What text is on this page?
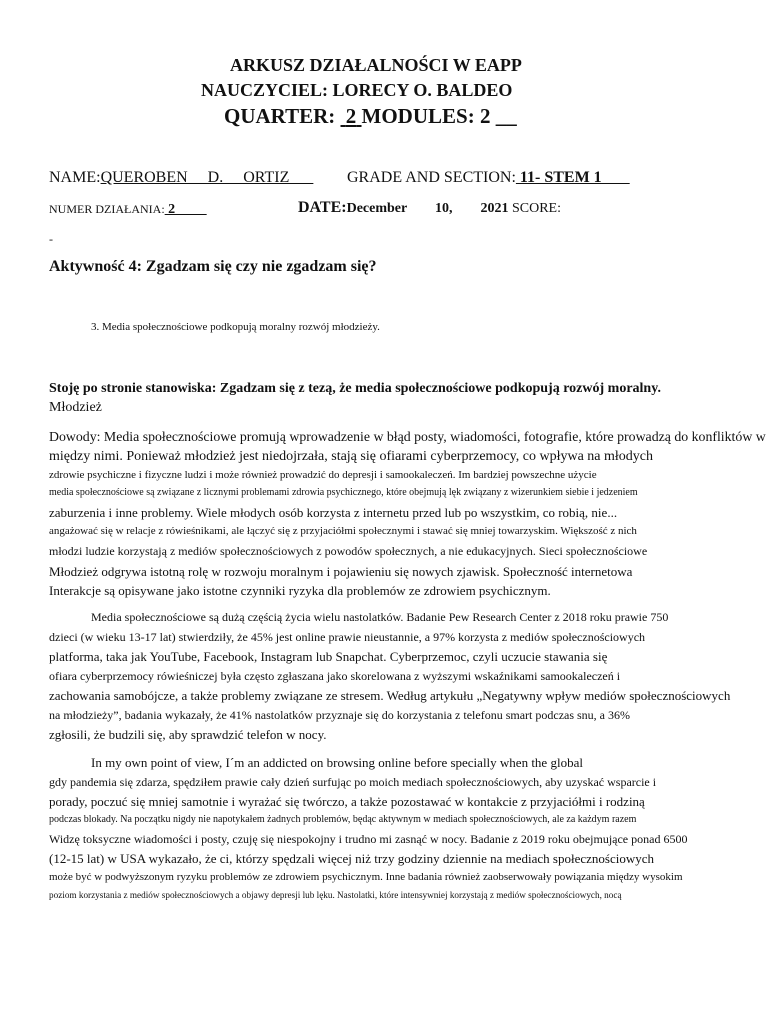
ARKUSZ DZIAŁALNOŚCI W EAPP
NAUCZYCIEL: LORECY O. BALDEO
QUARTER: 2 MODULES: 2 __
NAME:QUEROBEN     D.     ORTIZ GRADE AND SECTION: 11- STEM 1
NUMER DZIAŁANIA: 2	DATE:December        10,        2021 SCORE:
-
Aktywność 4: Zgadzam się czy nie zgadzam się?
3. Media społecznościowe podkopują moralny rozwój młodzieży.
Stoję po stronie stanowiska: Zgadzam się z tezą, że media społecznościowe podkopują rozwój moralny.
Młodzież
Dowody: Media społecznościowe promują wprowadzenie w błąd posty, wiadomości, fotografie, które prowadzą do konfliktów w
między nimi. Ponieważ młodzież jest niedojrzała, stają się ofiarami cyberprzemocy, co wpływa na młodych
zdrowie psychiczne i fizyczne ludzi i może również prowadzić do depresji i samookaleczeń. Im bardziej powszechne użycie
media społecznościowe są związane z licznymi problemami zdrowia psychicznego, które obejmują lęk związany z wizerunkiem siebie i jedzeniem
zaburzenia i inne problemy. Wiele młodych osób korzysta z internetu przed lub po wszystkim, co robią, nie...
angażować się w relacje z rówieśnikami, ale łączyć się z przyjaciółmi społecznymi i stawać się mniej towarzyskim. Większość z nich
młodzi ludzie korzystają z mediów społecznościowych z powodów społecznych, a nie edukacyjnych. Sieci społecznościowe
Młodzież odgrywa istotną rolę w rozwoju moralnym i pojawieniu się nowych zjawisk. Społeczność internetowa
Interakcje są opisywane jako istotne czynniki ryzyka dla problemów ze zdrowiem psychicznym.
Media społecznościowe są dużą częścią życia wielu nastolatków. Badanie Pew Research Center z 2018 roku prawie 750
dzieci (w wieku 13-17 lat) stwierdziły, że 45% jest online prawie nieustannie, a 97% korzysta z mediów społecznościowych
platforma, taka jak YouTube, Facebook, Instagram lub Snapchat. Cyberprzemoc, czyli uczucie stawania się
ofiara cyberprzemocy rówieśniczej była często zgłaszana jako skorelowana z wyższymi wskaźnikami samookaleczeń i
zachowania samobójcze, a także problemy związane ze stresem. Według artykułu „Negatywny wpływ mediów społecznościowych
na młodzieży”, badania wykazały, że 41% nastolatków przyznaje się do korzystania z telefonu smart podczas snu, a 36%
zgłosili, że budzili się, aby sprawdzić telefon w nocy.
In my own point of view, I´m an addicted on browsing online before specially when the global
gdy pandemia się zdarza, spędziłem prawie cały dzień surfując po moich mediach społecznościowych, aby uzyskać wsparcie i
porady, poczuć się mniej samotnie i wyrażać się twórczo, a także pozostawać w kontakcie z przyjaciółmi i rodziną
podczas blokady. Na początku nigdy nie napotykałem żadnych problemów, będąc aktywnym w mediach społecznościowych, ale za każdym razem
Widzę toksyczne wiadomości i posty, czuję się niespokojny i trudno mi zasnąć w nocy. Badanie z 2019 roku obejmujące ponad 6500
(12-15 lat) w USA wykazało, że ci, którzy spędzali więcej niż trzy godziny dziennie na mediach społecznościowych
może być w podwyższonym ryzyku problemów ze zdrowiem psychicznym. Inne badania również zaobserwowały powiązania między wysokim
poziom korzystania z mediów społecznościowych a objawy depresji lub lęku. Nastolatki, które intensywniej korzystają z mediów społecznościowych, nocą
